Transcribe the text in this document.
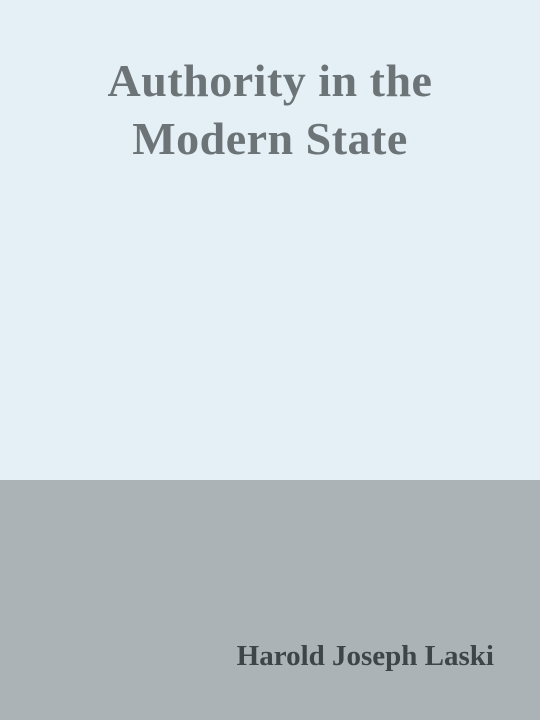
Authority in the
Modern State

Harold Joseph Laski
